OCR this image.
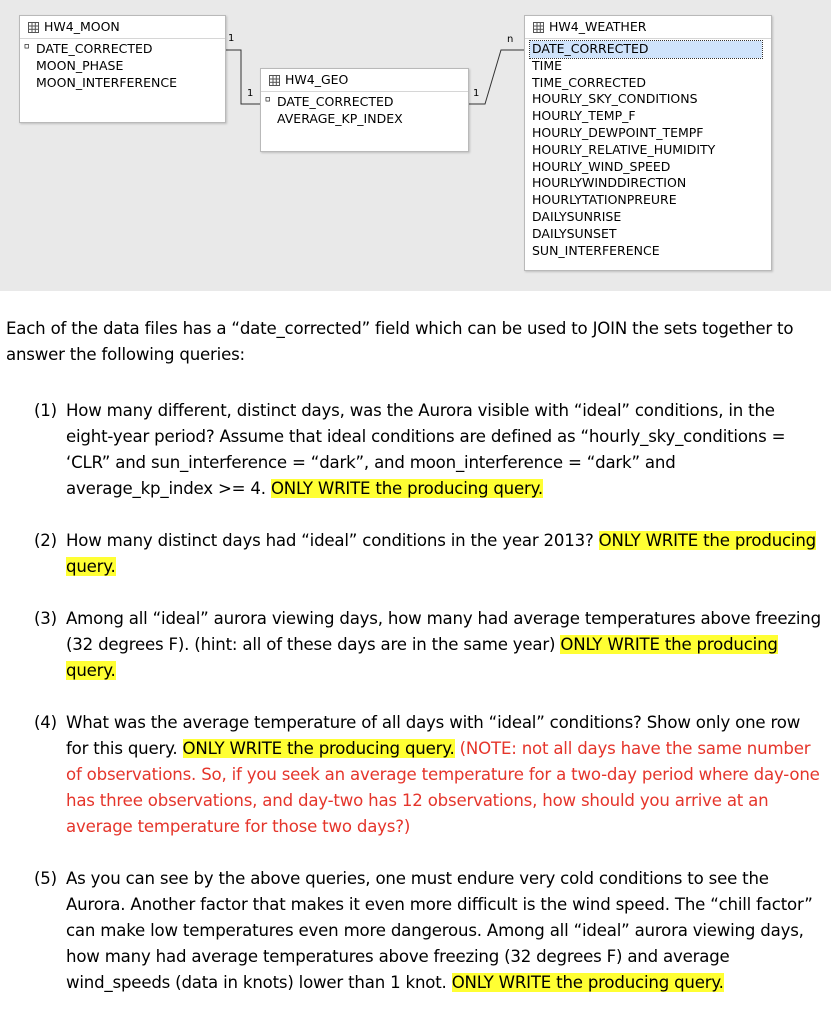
1
1	1
n
HW4_MOON
⸋ DATE_CORRECTED
MOON_PHASE
MOON_INTERFERENCE	HW4_GEO
⸋ DATE_CORRECTED
AVERAGE_KP_INDEX
HW4_WEATHER
DATE_CORRECTED
TIME
TIME_CORRECTED
HOURLY_SKY_CONDITIONS
HOURLY_TEMP_F
HOURLY_DEWPOINT_TEMPF
HOURLY_RELATIVE_HUMIDITY
HOURLY_WIND_SPEED
HOURLYWINDDIRECTION
HOURLYTATIONPREURE
DAILYSUNRISE
DAILYSUNSET
SUN_INTERFERENCE
Each of the data files has a “date_corrected” field which can be used to JOIN the sets together to answer the following queries:
(1) How many different, distinct days, was the Aurora visible with “ideal” conditions, in the eight-year period? Assume that ideal conditions are defined as “hourly_sky_conditions = ‘CLR” and sun_interference = “dark”, and moon_interference = “dark” and average_kp_index >= 4. ONLY WRITE the producing query.
(2) How many distinct days had “ideal” conditions in the year 2013? ONLY WRITE the producing query.
(3) Among all “ideal” aurora viewing days, how many had average temperatures above freezing (32 degrees F). (hint: all of these days are in the same year) ONLY WRITE the producing query.
(4) What was the average temperature of all days with “ideal” conditions? Show only one row for this query. ONLY WRITE the producing query. (NOTE: not all days have the same number of observations. So, if you seek an average temperature for a two-day period where day-one has three observations, and day-two has 12 observations, how should you arrive at an average temperature for those two days?)
(5) As you can see by the above queries, one must endure very cold conditions to see the Aurora. Another factor that makes it even more difficult is the wind speed. The “chill factor” can make low temperatures even more dangerous. Among all “ideal” aurora viewing days, how many had average temperatures above freezing (32 degrees F) and average wind_speeds (data in knots) lower than 1 knot. ONLY WRITE the producing query.
